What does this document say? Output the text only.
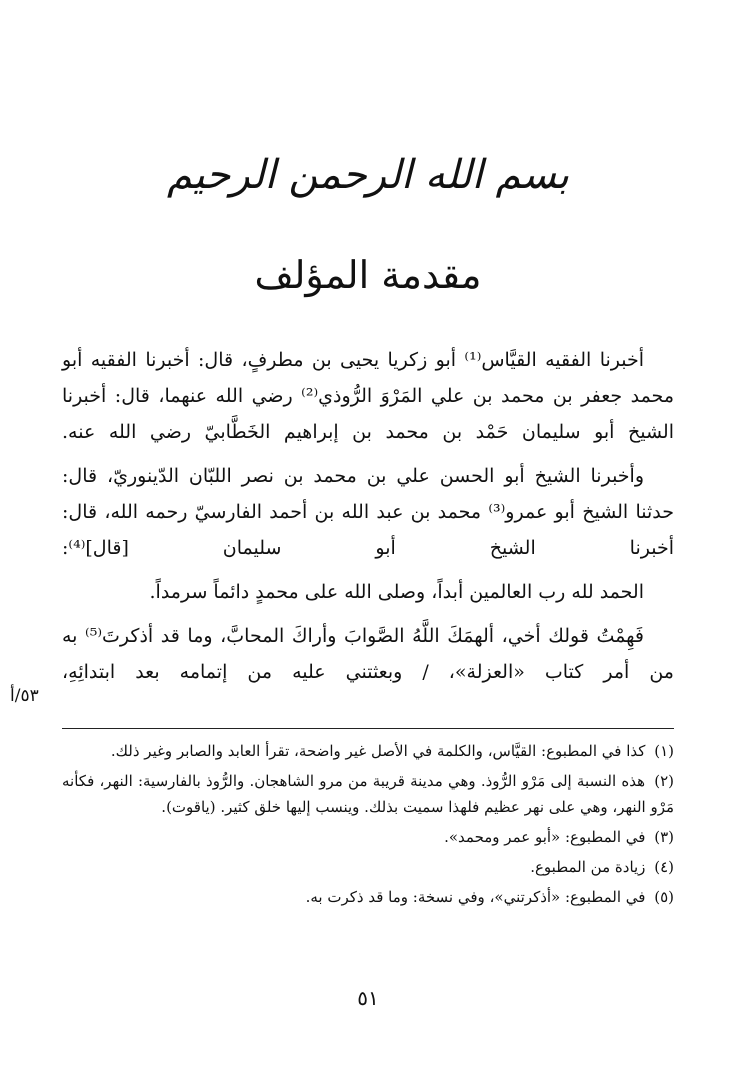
بسم الله الرحمن الرحيم
مقدمة المؤلف

أخبرنا الفقيه القيَّاس⁽¹⁾ أبو زكريا يحيى بن مطرفٍ، قال: أخبرنا الفقيه أبو محمد جعفر بن محمد بن علي المَرْوَ الرُّوذي⁽²⁾ رضي الله عنهما، قال: أخبرنا الشيخ أبو سليمان حَمْد بن محمد بن إبراهيم الخَطَّابيّ رضي الله عنه.

وأخبرنا الشيخ أبو الحسن علي بن محمد بن نصر اللبّان الدّينوريّ، قال: حدثنا الشيخ أبو عمرو⁽³⁾ محمد بن عبد الله بن أحمد الفارسيّ رحمه الله، قال: أخبرنا الشيخ أبو سليمان [قال]⁽⁴⁾:

الحمد لله رب العالمين أبداً، وصلى الله على محمدٍ دائماً سرمداً.

فَهِمْتُ قولك أخي، ألهمَكَ اللَّهُ الصَّوابَ وأراكَ المحابَّ، وما قد أذكرتَ⁽⁵⁾ به من أمر كتاب «العزلة»، / وبعثتني عليه من إتمامه بعد ابتدائِهِ،

٥٣/أ
(١) كذا في المطبوع: القيَّاس، والكلمة في الأصل غير واضحة، تقرأ العابد والصابر وغير ذلك.
(٢) هذه النسبة إلى مَرْو الرُّوذ. وهي مدينة قريبة من مرو الشاهجان. والرُّوذ بالفارسية: النهر، فكأنه مَرْو النهر، وهي على نهر عظيم فلهذا سميت بذلك. وينسب إليها خلق كثير. (ياقوت).
(٣) في المطبوع: «أبو عمر ومحمد».
(٤) زيادة من المطبوع.
(٥) في المطبوع: «أذكرتني»، وفي نسخة: وما قد ذكرت به.
٥١
